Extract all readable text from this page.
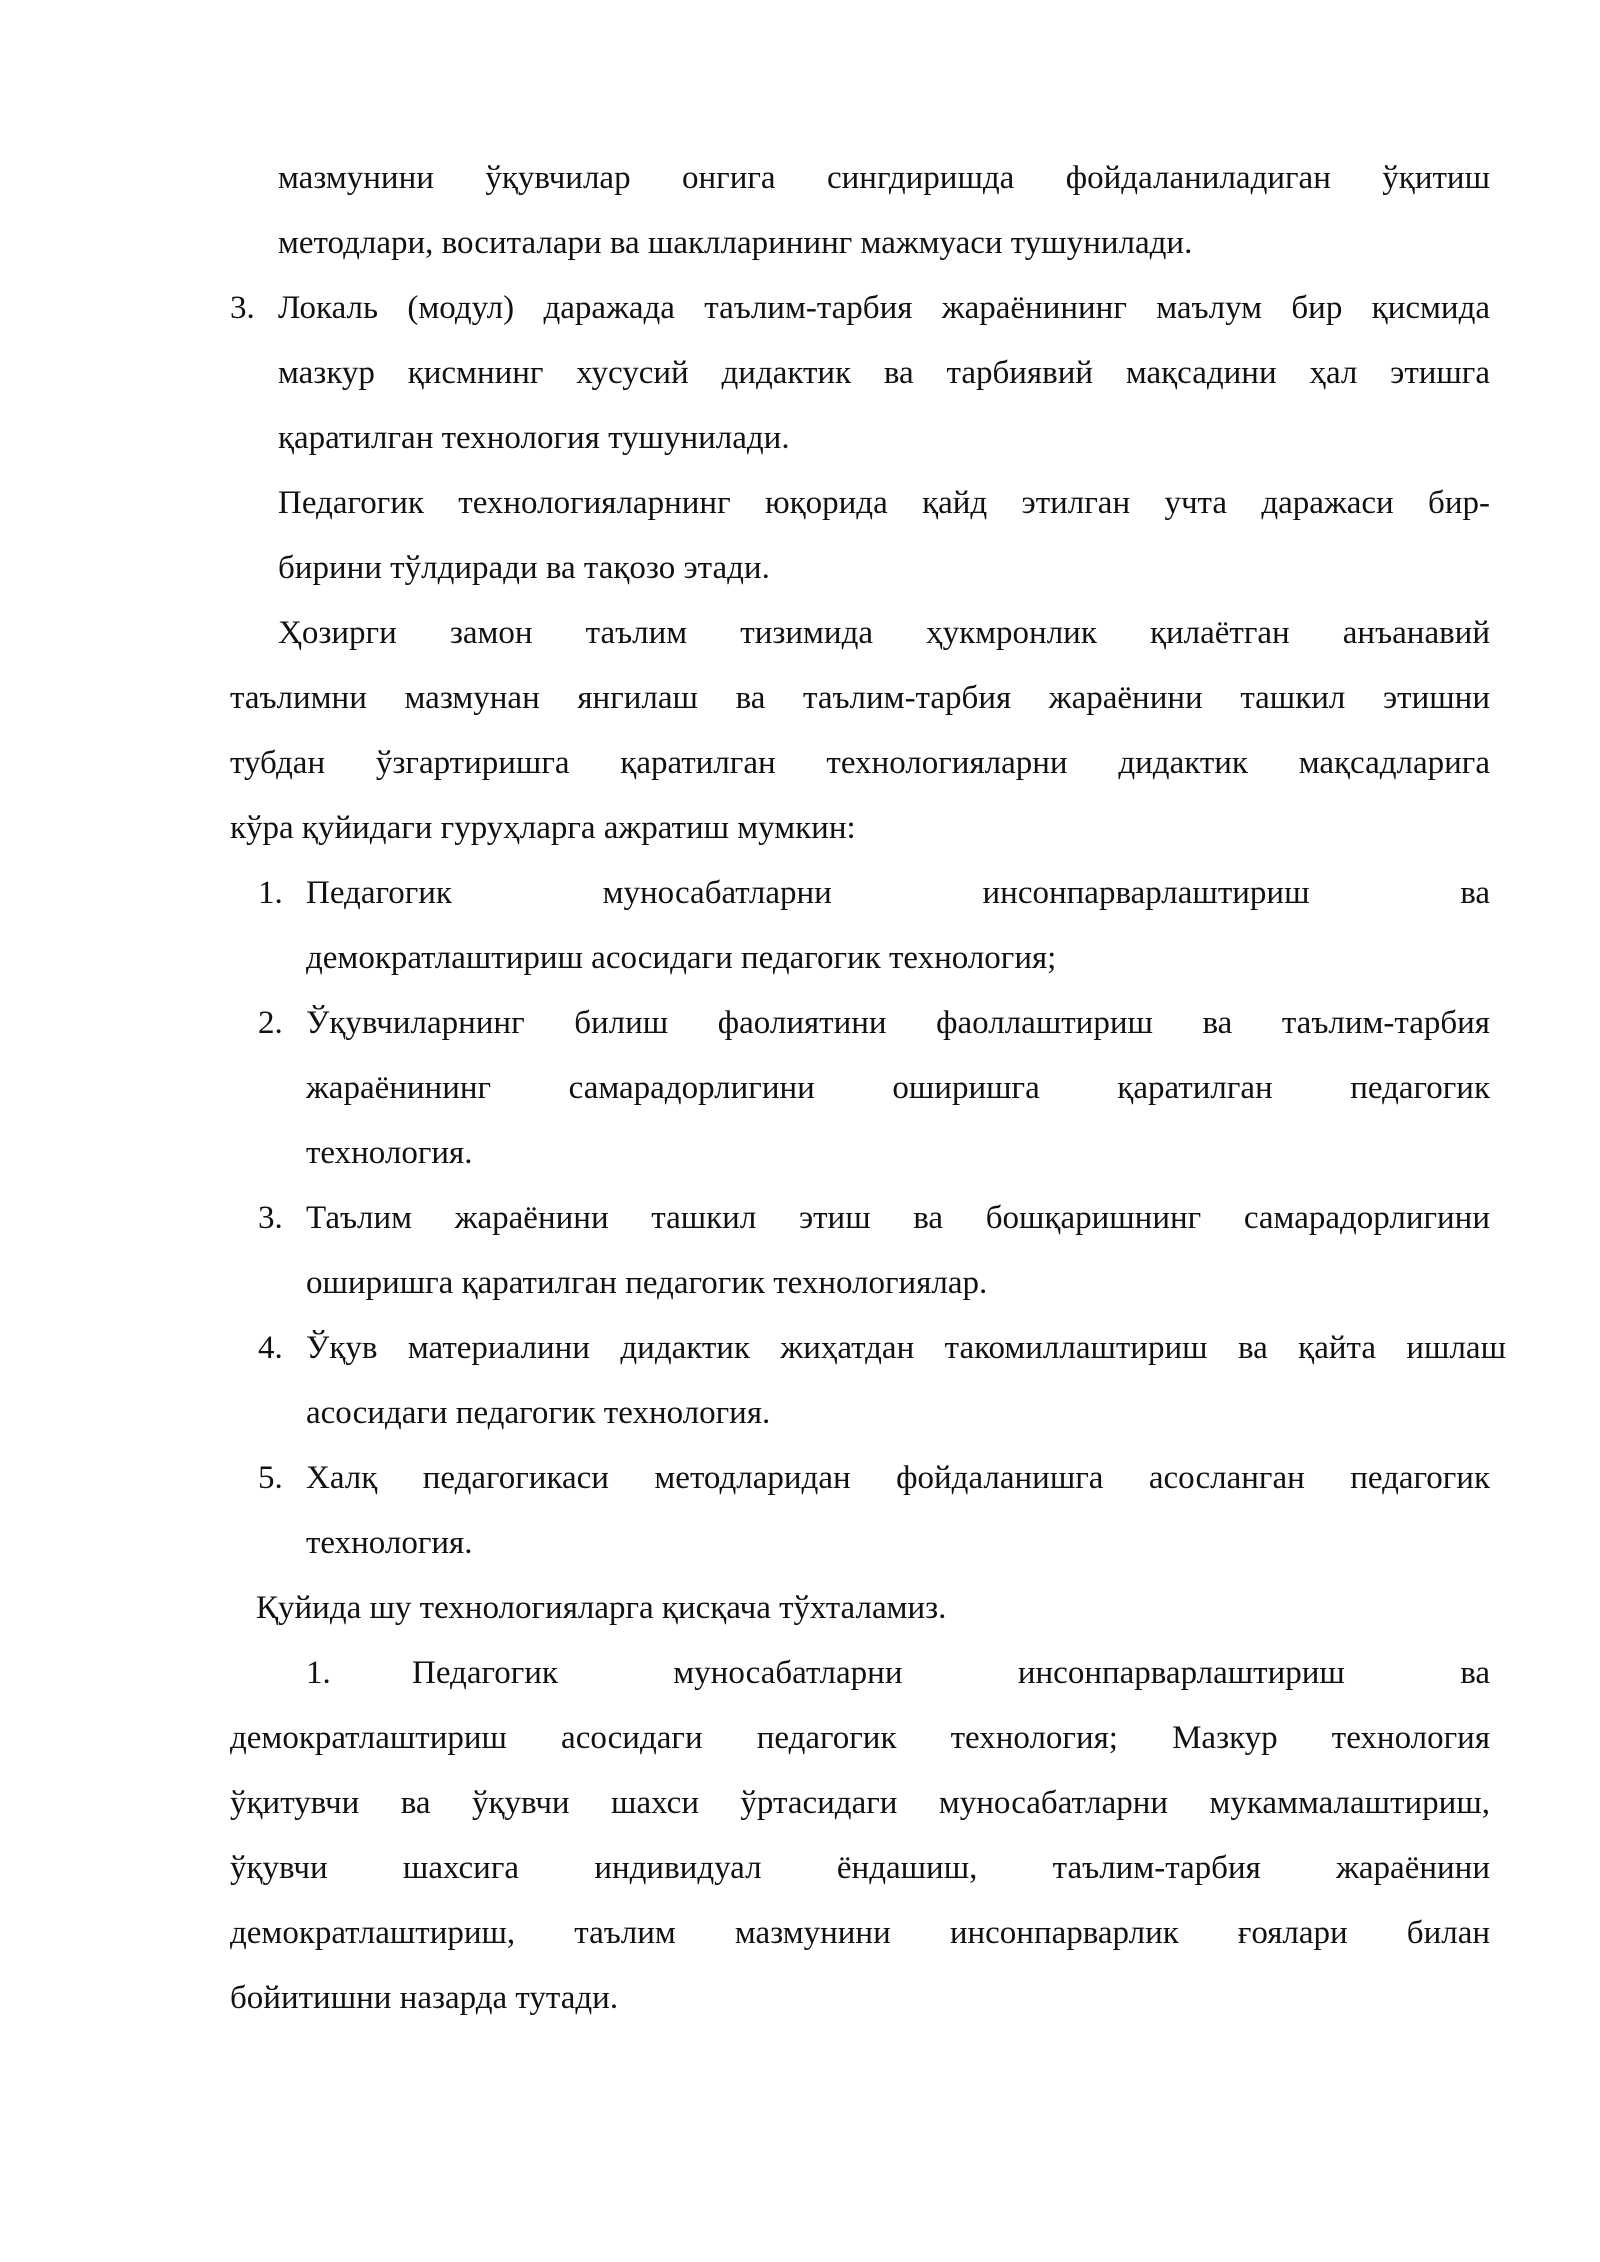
мазмунини ўқувчилар онгига сингдиришда фойдаланиладиган ўқитиш
методлари, воситалари ва шаклларининг мажмуаси тушунилади.
3. Локаль (модул) даражада таълим-тарбия жараёнининг маълум бир қисмида
мазкур қисмнинг хусусий дидактик ва тарбиявий мақсадини ҳал этишга
қаратилган технология тушунилади.
Педагогик технологияларнинг юқорида қайд этилган учта даражаси бир-
бирини тўлдиради ва тақозо этади.
Ҳозирги замон таълим тизимида ҳукмронлик қилаётган анъанавий
таълимни мазмунан янгилаш ва таълим-тарбия жараёнини ташкил этишни
тубдан ўзгартиришга қаратилган технологияларни дидактик мақсадларига
кўра қуйидаги гуруҳларга ажратиш мумкин:
1. Педагогик муносабатларни инсонпарварлаштириш ва
демократлаштириш асосидаги педагогик технология;
2. Ўқувчиларнинг билиш фаолиятини фаоллаштириш ва таълим-тарбия
жараёнининг самарадорлигини оширишга қаратилган педагогик
технология.
3. Таълим жараёнини ташкил этиш ва бошқаришнинг самарадорлигини
оширишга қаратилган педагогик технологиялар.
4. Ўқув материалини дидактик жиҳатдан такомиллаштириш ва қайта ишлаш
асосидаги педагогик технология.
5. Халқ педагогикаси методларидан фойдаланишга асосланган педагогик
технология.
Қуйида шу технологияларга қисқача тўхталамиз.
1. Педагогик муносабатларни инсонпарварлаштириш ва
демократлаштириш асосидаги педагогик технология; Мазкур технология
ўқитувчи ва ўқувчи шахси ўртасидаги муносабатларни мукаммалаштириш,
ўқувчи шахсига индивидуал ёндашиш, таълим-тарбия жараёнини
демократлаштириш, таълим мазмунини инсонпарварлик ғоялари билан
бойитишни назарда тутади.
